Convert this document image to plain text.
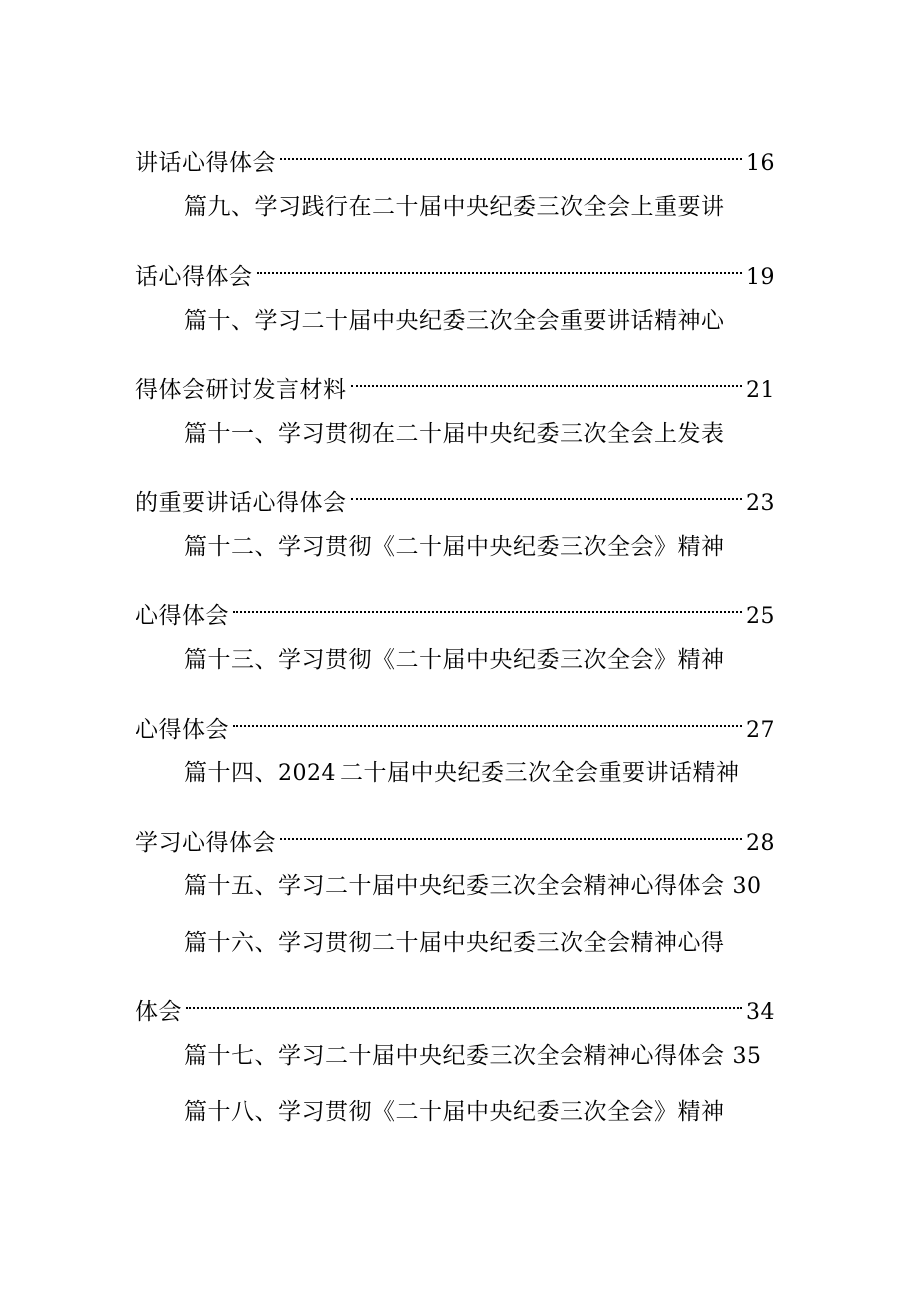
讲话心得体会	16
篇九、学习践行在二十届中央纪委三次全会上重要讲
话心得体会	19
篇十、学习二十届中央纪委三次全会重要讲话精神心
得体会研讨发言材料	21
篇十一、学习贯彻在二十届中央纪委三次全会上发表
的重要讲话心得体会	23
篇十二、学习贯彻《二十届中央纪委三次全会》精神
心得体会	25
篇十三、学习贯彻《二十届中央纪委三次全会》精神
心得体会	27
篇十四、 2024 二十届中央纪委三次全会重要讲话精神
学习心得体会	28
篇十五、学习二十届中央纪委三次全会精神心得体会 30
篇十六、学习贯彻二十届中央纪委三次全会精神心得
体会	34
篇十七、学习二十届中央纪委三次全会精神心得体会 35
篇十八、学习贯彻《二十届中央纪委三次全会》精神
